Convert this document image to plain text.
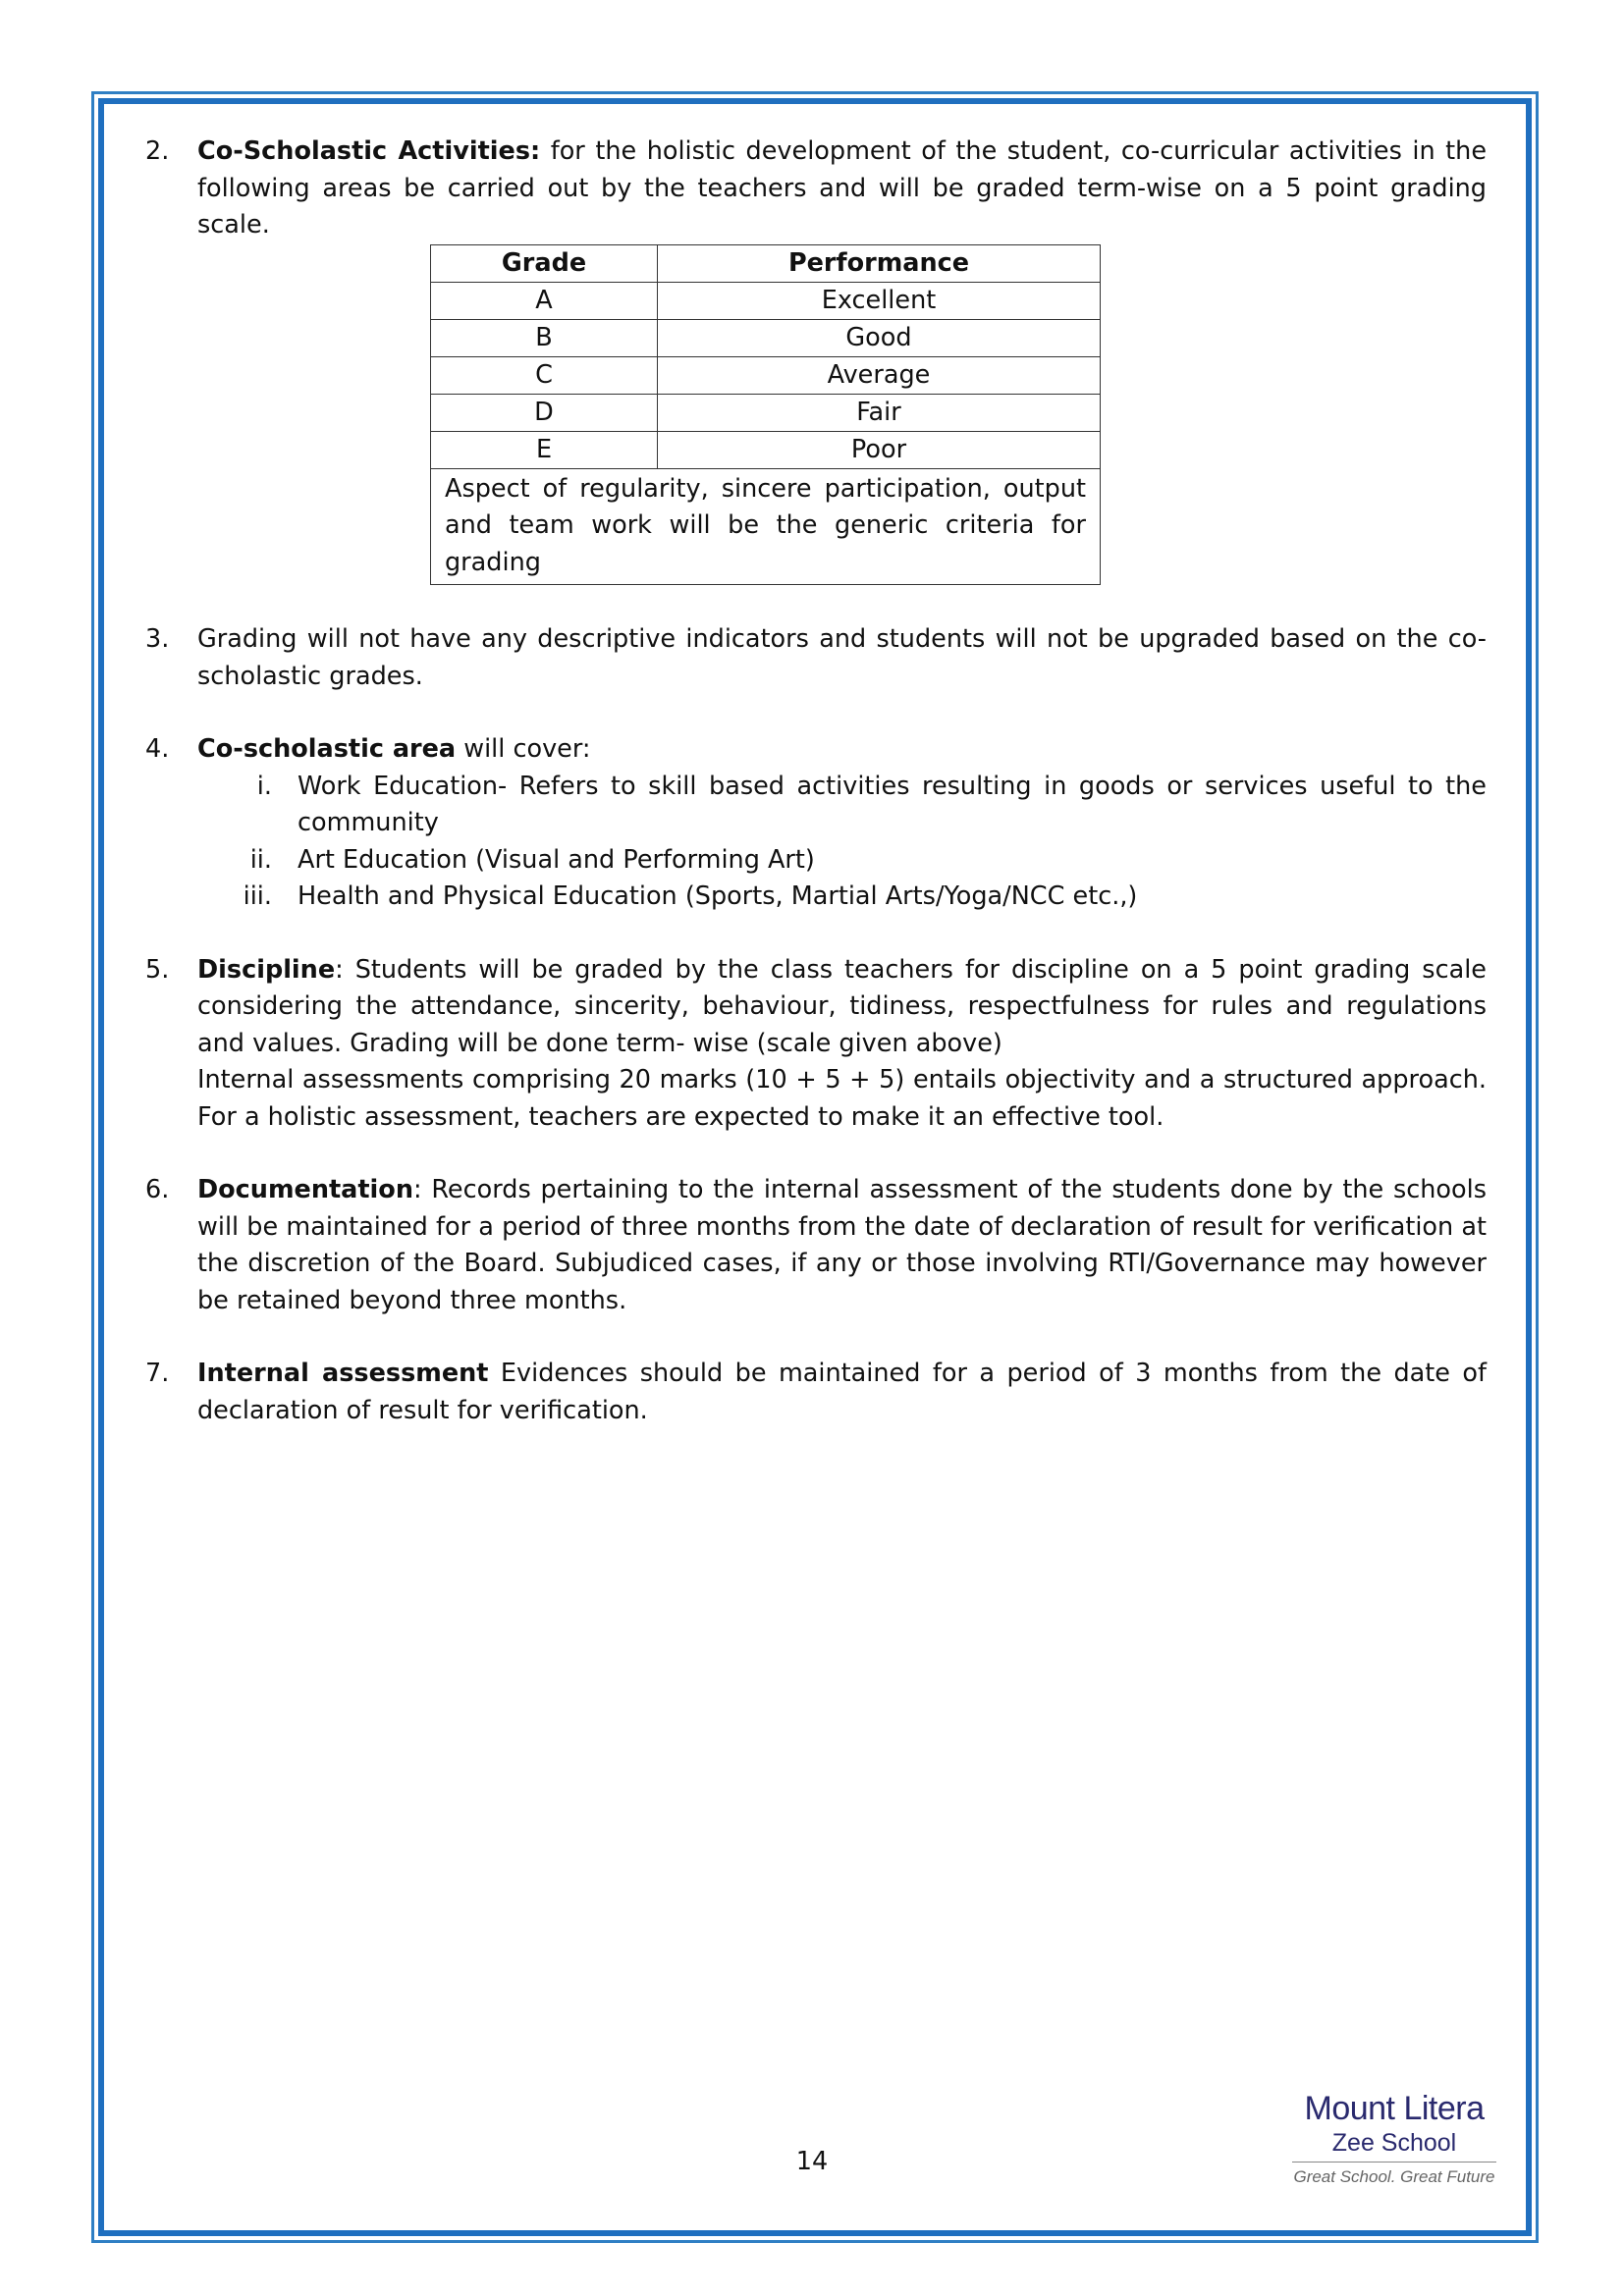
2.	Co-Scholastic Activities: for the holistic development of the student, co-curricular activities in the following areas be carried out by the teachers and will be graded term-wise on a 5 point grading scale.

Grade	Performance
A	Excellent
B	Good
C	Average
D	Fair
E	Poor
Aspect of regularity, sincere participation, output and team work will be the generic criteria for grading	
3.	Grading will not have any descriptive indicators and students will not be upgraded based on the co-scholastic grades.

4.	Co-scholastic area will cover:

i.	Work Education- Refers to skill based activities resulting in goods or services useful to the community
ii.	Art Education (Visual and Performing Art)
iii.	Health and Physical Education (Sports, Martial Arts/Yoga/NCC etc.,)
5.	Discipline: Students will be graded by the class teachers for discipline on a 5 point grading scale considering the attendance, sincerity, behaviour, tidiness, respectfulness for rules and regulations and values. Grading will be done term- wise (scale given above)

Internal assessments comprising 20 marks (10 + 5 + 5) entails objectivity and a structured approach. For a holistic assessment, teachers are expected to make it an effective tool.

6.	Documentation: Records pertaining to the internal assessment of the students done by the schools will be maintained for a period of three months from the date of declaration of result for verification at the discretion of the Board. Subjudiced cases, if any or those involving RTI/Governance may however be retained beyond three months.

7.	Internal assessment Evidences should be maintained for a period of 3 months from the date of declaration of result for verification.

14
Mount Litera
Zee School
Great School. Great Future
